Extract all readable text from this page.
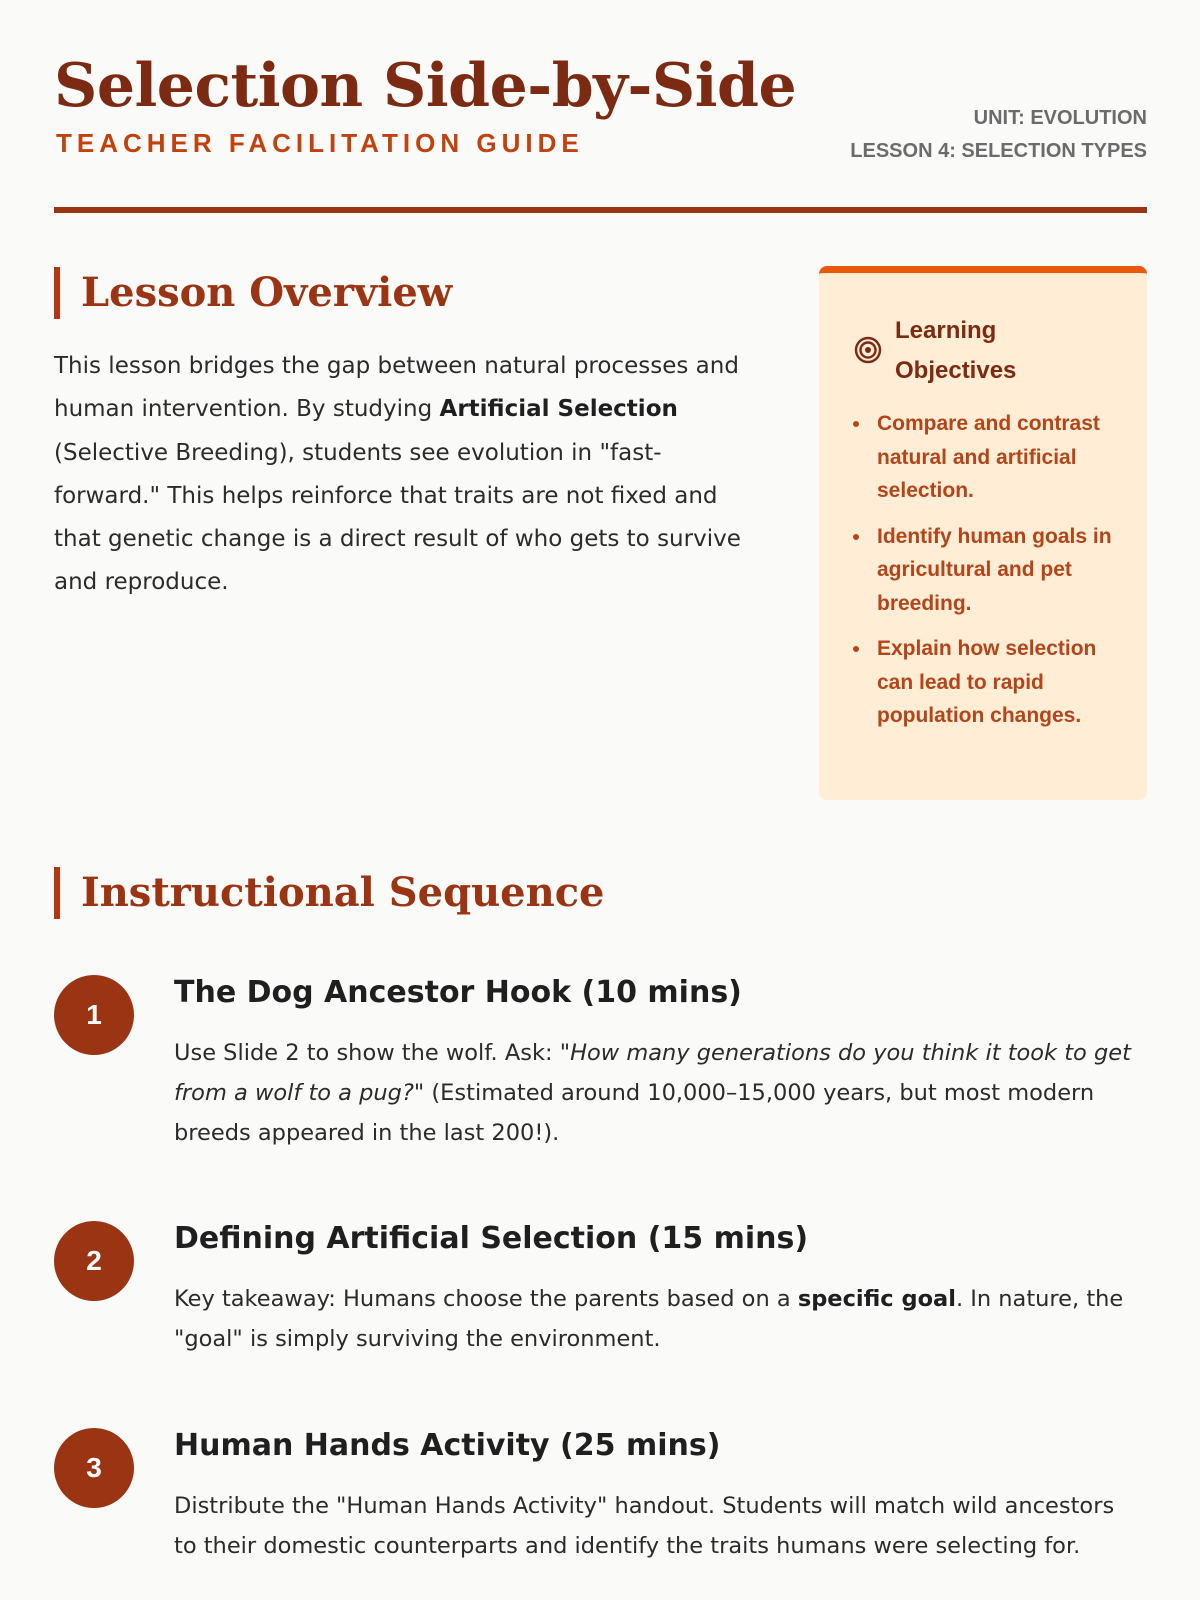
Selection Side-by-Side
TEACHER FACILITATION GUIDE
UNIT: EVOLUTION
LESSON 4: SELECTION TYPES
Lesson Overview

This lesson bridges the gap between natural processes and human intervention. By studying Artificial Selection (Selective Breeding), students see evolution in "fast-forward." This helps reinforce that traits are not fixed and that genetic change is a direct result of who gets to survive and reproduce.

Learning Objectives
Compare and contrast natural and artificial selection.
Identify human goals in agricultural and pet breeding.
Explain how selection can lead to rapid population changes.
Instructional Sequence
1
The Dog Ancestor Hook (10 mins)

Use Slide 2 to show the wolf. Ask: "How many generations do you think it took to get from a wolf to a pug?" (Estimated around 10,000–15,000 years, but most modern breeds appeared in the last 200!).

2
Defining Artificial Selection (15 mins)

Key takeaway: Humans choose the parents based on a specific goal. In nature, the "goal" is simply surviving the environment.

3
Human Hands Activity (25 mins)

Distribute the "Human Hands Activity" handout. Students will match wild ancestors to their domestic counterparts and identify the traits humans were selecting for.
